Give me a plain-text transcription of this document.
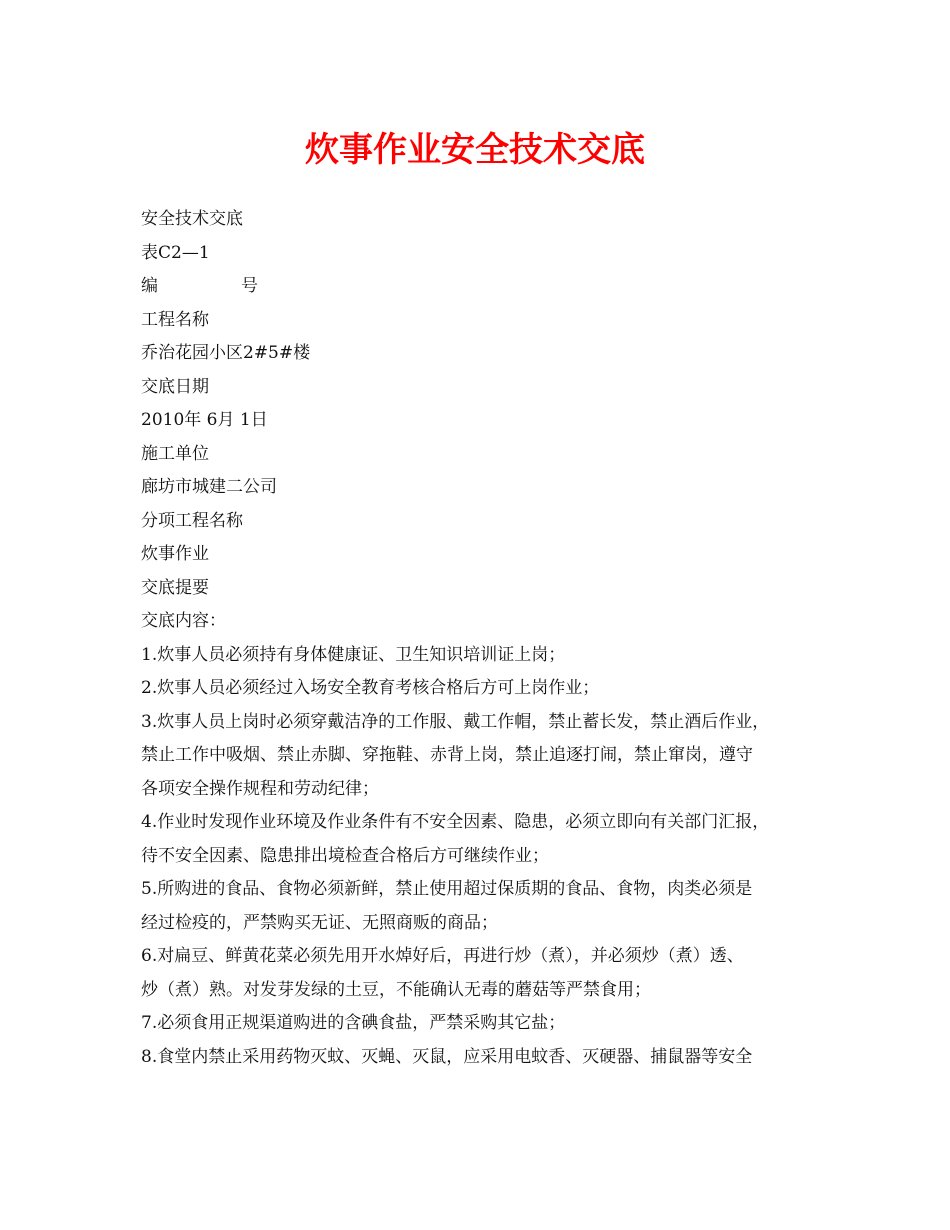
炊事作业安全技术交底
安全技术交底
表C2—1
编	号
工程名称
乔治花园小区2#5#楼
交底日期
2010年 6月 1日
施工单位
廊坊市城建二公司
分项工程名称
炊事作业
交底提要
交底内容：
1.炊事人员必须持有身体健康证、卫生知识培训证上岗；
2.炊事人员必须经过入场安全教育考核合格后方可上岗作业；
3.炊事人员上岗时必须穿戴洁净的工作服、戴工作帽，禁止蓄长发，禁止酒后作业，
禁止工作中吸烟、禁止赤脚、穿拖鞋、赤背上岗，禁止追逐打闹，禁止窜岗，遵守
各项安全操作规程和劳动纪律；
4.作业时发现作业环境及作业条件有不安全因素、隐患，必须立即向有关部门汇报，
待不安全因素、隐患排出境检查合格后方可继续作业；
5.所购进的食品、食物必须新鲜，禁止使用超过保质期的食品、食物，肉类必须是
经过检疫的，严禁购买无证、无照商贩的商品；
6.对扁豆、鲜黄花菜必须先用开水焯好后，再进行炒（煮），并必须炒（煮）透、
炒（煮）熟。对发芽发绿的土豆，不能确认无毒的蘑菇等严禁食用；
7.必须食用正规渠道购进的含碘食盐，严禁采购其它盐；
8.食堂内禁止采用药物灭蚊、灭蝇、灭鼠，应采用电蚊香、灭硬器、捕鼠器等安全
